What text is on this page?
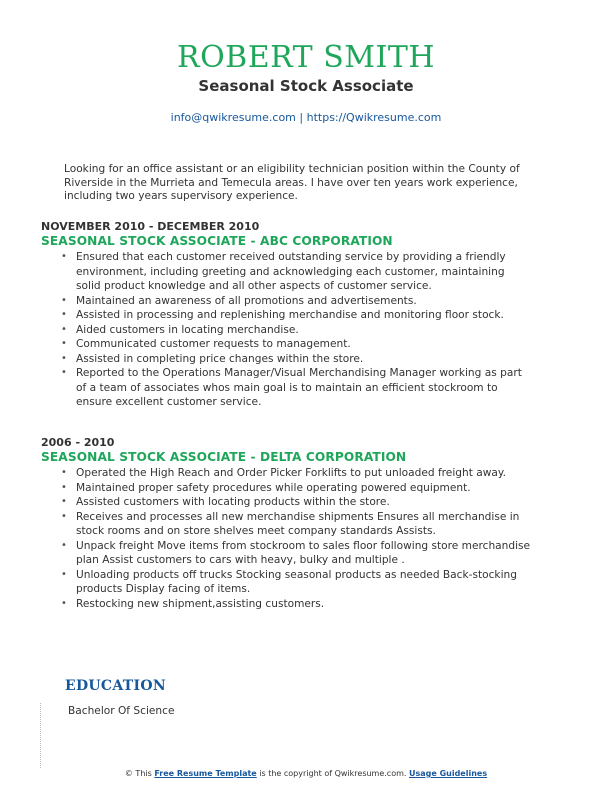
ROBERT SMITH
Seasonal Stock Associate
info@qwikresume.com | https://Qwikresume.com
Looking for an office assistant or an eligibility technician position within the County of Riverside in the Murrieta and Temecula areas. I have over ten years work experience, including two years supervisory experience.
NOVEMBER 2010 - DECEMBER 2010
SEASONAL STOCK ASSOCIATE - ABC CORPORATION
• Ensured that each customer received outstanding service by providing a friendly environment, including greeting and acknowledging each customer, maintaining solid product knowledge and all other aspects of customer service.
• Maintained an awareness of all promotions and advertisements.
• Assisted in processing and replenishing merchandise and monitoring floor stock.
• Aided customers in locating merchandise.
• Communicated customer requests to management.
• Assisted in completing price changes within the store.
• Reported to the Operations Manager/Visual Merchandising Manager working as part of a team of associates whos main goal is to maintain an efficient stockroom to ensure excellent customer service.
2006 - 2010
SEASONAL STOCK ASSOCIATE - DELTA CORPORATION
• Operated the High Reach and Order Picker Forklifts to put unloaded freight away.
• Maintained proper safety procedures while operating powered equipment.
• Assisted customers with locating products within the store.
• Receives and processes all new merchandise shipments Ensures all merchandise in stock rooms and on store shelves meet company standards Assists.
• Unpack freight Move items from stockroom to sales floor following store merchandise plan Assist customers to cars with heavy, bulky and multiple .
• Unloading products off trucks Stocking seasonal products as needed Back-stocking products Display facing of items.
• Restocking new shipment,assisting customers.
EDUCATION
Bachelor Of Science
© This Free Resume Template is the copyright of Qwikresume.com. Usage Guidelines
